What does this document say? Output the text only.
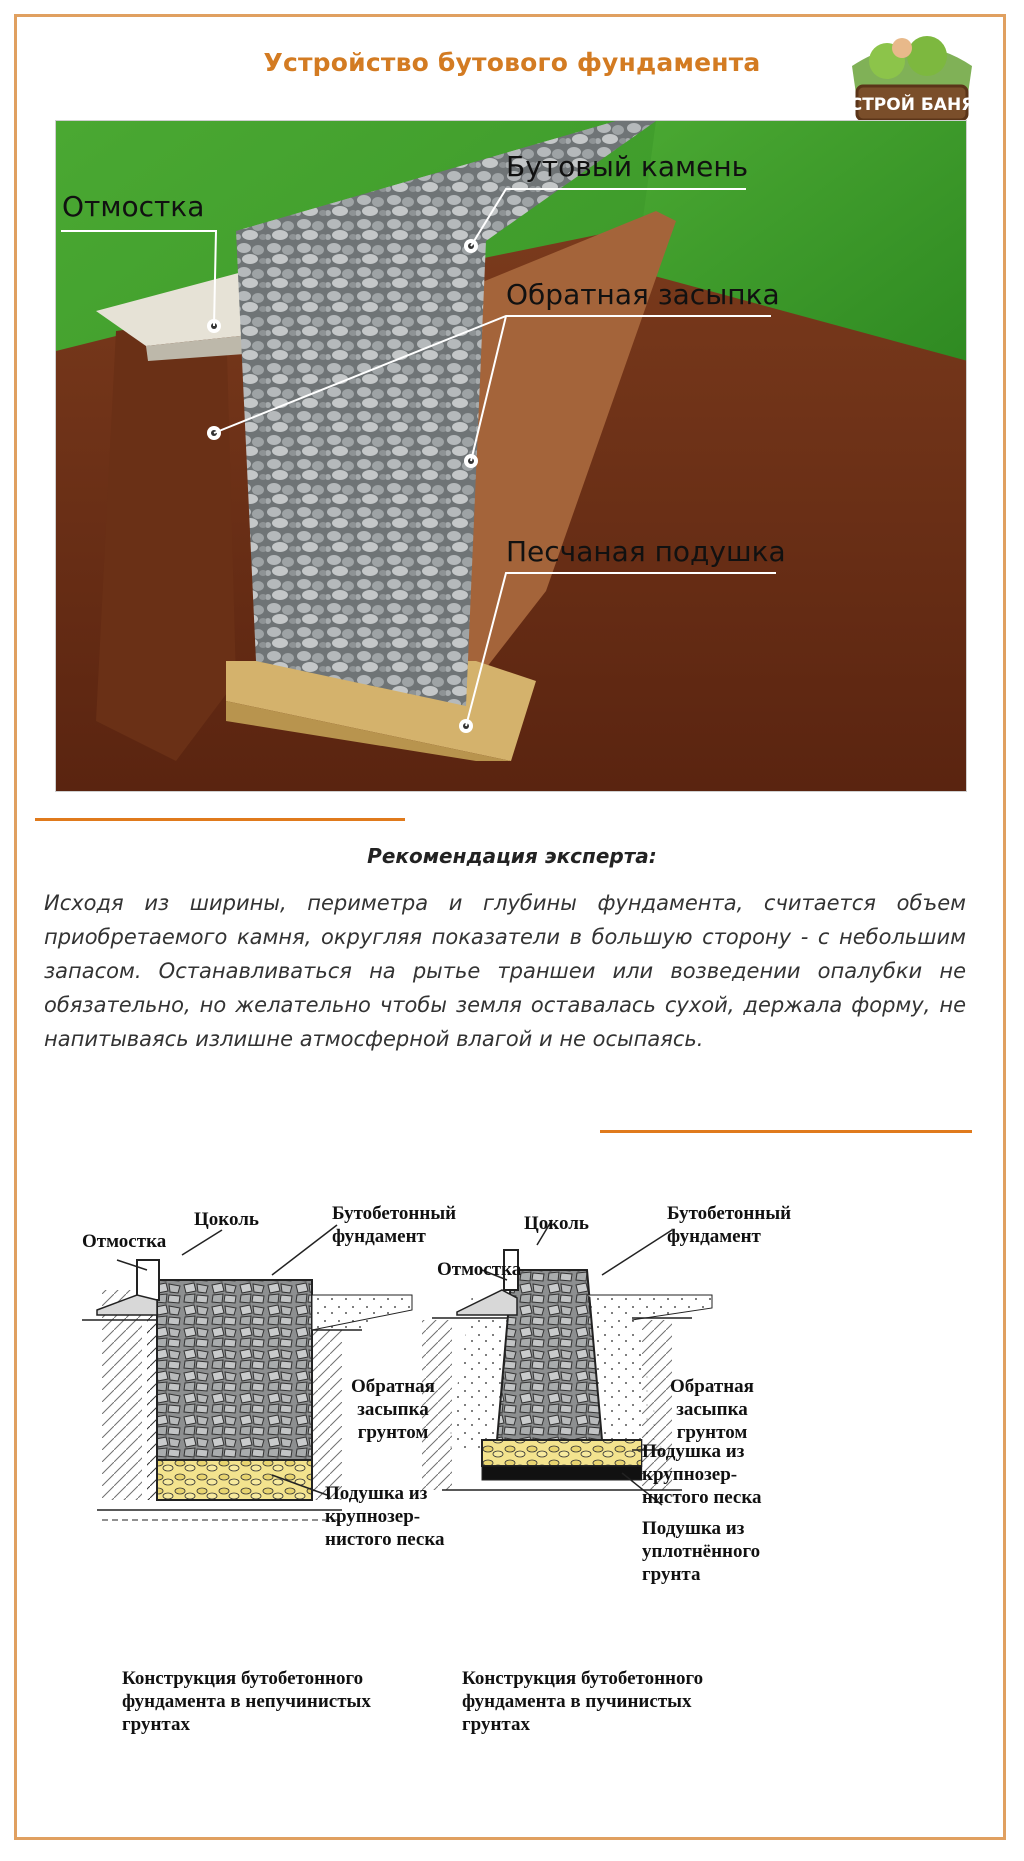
Устройство бутового фундамента
СТРОЙ БАНЯ
Отмостка
Бутовый камень
Обратная засыпка
Песчаная подушка
Рекомендация эксперта:
Исходя из ширины, периметра и глубины фундамента, считается объем приобретаемого камня, округляя показатели в большую сторону - с небольшим запасом. Останавливаться на рытье траншеи или возведении опалубки не обязательно, но желательно чтобы земля оставалась сухой, держала форму, не напитываясь излишне атмосферной влагой и не осыпаясь.
Отмостка
Цоколь	Бутобетонный фундамент
Обратная засыпка грунтом
Подушка из крупнозер-нистого песка
Конструкция бутобетонного фундамента в непучинистых грунтах
Отмостка
Цоколь	Бутобетонный фундамент
Обратная засыпка грунтом
Подушка из крупнозер-нистого песка
Подушка из уплотнённого грунта
Конструкция бутобетонного фундамента в пучинистых грунтах
